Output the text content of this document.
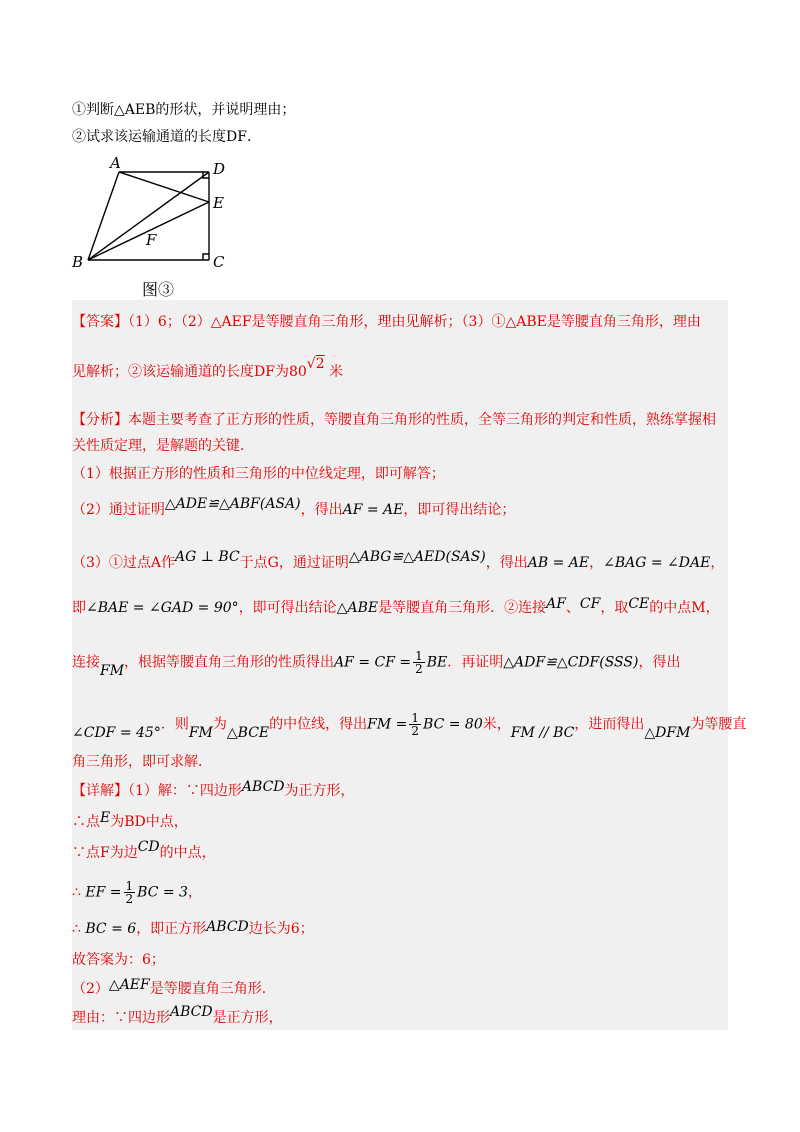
①判断△AEB的形状，并说明理由；
②试求该运输通道的长度DF．
A	D
E
F
B	C
图③
【答案】（1）6；（2）△AEF是等腰直角三角形，理由见解析；（3）①△ABE是等腰直角三角形，理由
见解析；②该运输通道的长度DF为80√2 米
【分析】本题主要考查了正方形的性质，等腰直角三角形的性质，全等三角形的判定和性质，熟练掌握相
关性质定理，是解题的关键．
（1）根据正方形的性质和三角形的中位线定理，即可解答；
（2）通过证明△ADE≌△ABF(ASA)，得出AF = AE，即可得出结论；
（3）①过点A作AG ⊥ BC于点G，通过证明△ABG≌△AED(SAS)，得出AB = AE，∠BAG = ∠DAE，
即∠BAE = ∠GAD = 90°，即可得出结论△ABE是等腰直角三角形．②连接AF、CF，取CE的中点M，
连接FM，根据等腰直角三角形的性质得出AF = CF = $\frac{1}{2}$ BE．再证明△ADF≌△CDF(SSS)，得出
∠CDF = 45°．则FM为△BCE的中位线，得出FM = $\frac{1}{2}$ BC = 80米，FM // BC，进而得出△DFM为等腰直
角三角形，即可求解．
【详解】（1）解：∵四边形ABCD为正方形，
∴点E为BD中点，
∵点F为边CD的中点，
∴ EF = $\frac{1}{2}$ BC = 3，
∴ BC = 6，即正方形ABCD边长为6；
故答案为：6；
（2）△AEF是等腰直角三角形．
理由：∵四边形ABCD是正方形，
